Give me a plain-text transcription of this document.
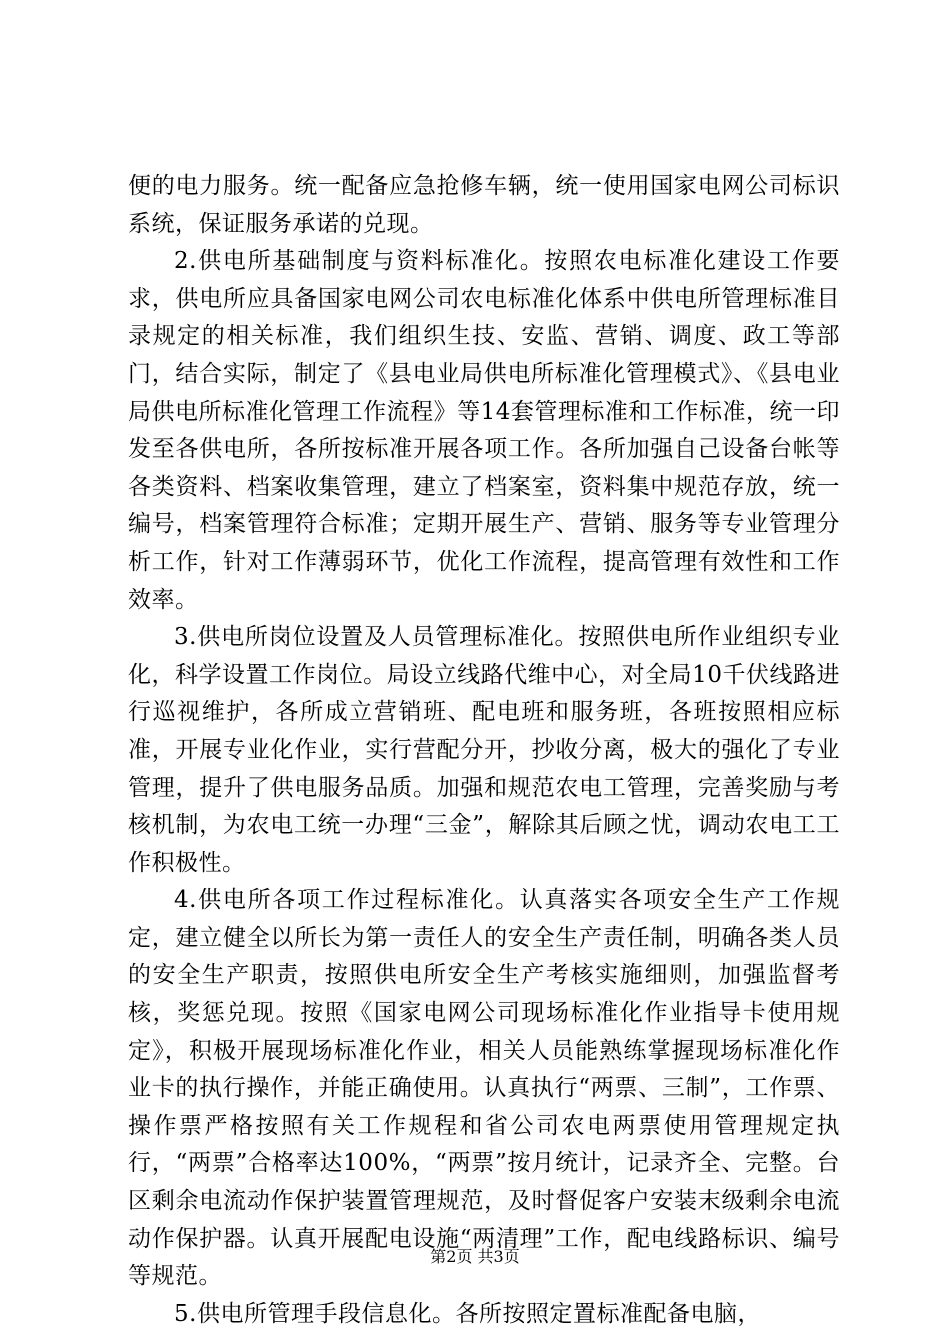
便的电力服务。统一配备应急抢修车辆，统一使用国家电网公司标识系统，保证服务承诺的兑现。

2.供电所基础制度与资料标准化。按照农电标准化建设工作要求，供电所应具备国家电网公司农电标准化体系中供电所管理标准目录规定的相关标准，我们组织生技、安监、营销、调度、政工等部门，结合实际，制定了《县电业局供电所标准化管理模式》、《县电业局供电所标准化管理工作流程》等14套管理标准和工作标准，统一印发至各供电所，各所按标准开展各项工作。各所加强自己设备台帐等各类资料、档案收集管理，建立了档案室，资料集中规范存放，统一编号，档案管理符合标准；定期开展生产、营销、服务等专业管理分析工作，针对工作薄弱环节，优化工作流程，提高管理有效性和工作效率。

3.供电所岗位设置及人员管理标准化。按照供电所作业组织专业化，科学设置工作岗位。局设立线路代维中心，对全局10千伏线路进行巡视维护，各所成立营销班、配电班和服务班，各班按照相应标准，开展专业化作业，实行营配分开，抄收分离，极大的强化了专业管理，提升了供电服务品质。加强和规范农电工管理，完善奖励与考核机制，为农电工统一办理“三金”，解除其后顾之忧，调动农电工工作积极性。

4.供电所各项工作过程标准化。认真落实各项安全生产工作规定，建立健全以所长为第一责任人的安全生产责任制，明确各类人员的安全生产职责，按照供电所安全生产考核实施细则，加强监督考核，奖惩兑现。按照《国家电网公司现场标准化作业指导卡使用规定》，积极开展现场标准化作业，相关人员能熟练掌握现场标准化作业卡的执行操作，并能正确使用。认真执行“两票、三制”，工作票、操作票严格按照有关工作规程和省公司农电两票使用管理规定执行，“两票”合格率达100%，“两票”按月统计，记录齐全、完整。台区剩余电流动作保护装置管理规范，及时督促客户安装末级剩余电流动作保护器。认真开展配电设施“两清理”工作，配电线路标识、编号等规范。

5.供电所管理手段信息化。各所按照定置标准配备电脑，

第2页 共3页
